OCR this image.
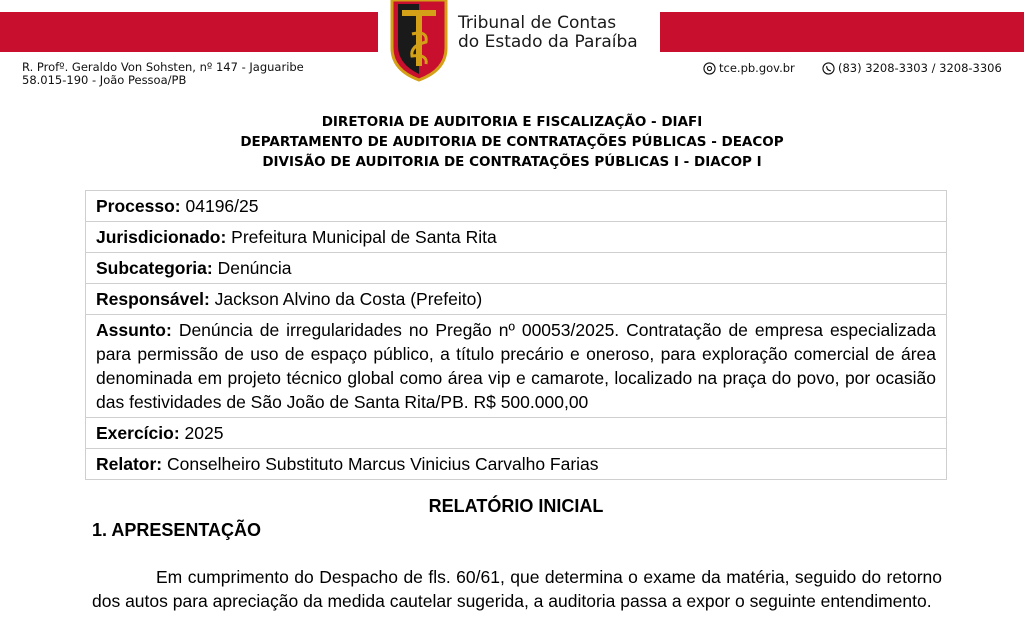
Tribunal de Contas
do Estado da Paraíba
R. Profº. Geraldo Von Sohsten, nº 147 - Jaguaribe
58.015-190 - João Pessoa/PB
tce.pb.gov.br	(83) 3208-3303 / 3208-3306
DIRETORIA DE AUDITORIA E FISCALIZAÇÃO - DIAFI
DEPARTAMENTO DE AUDITORIA DE CONTRATAÇÕES PÚBLICAS - DEACOP
DIVISÃO DE AUDITORIA DE CONTRATAÇÕES PÚBLICAS I - DIACOP I
Processo: 04196/25
Jurisdicionado: Prefeitura Municipal de Santa Rita
Subcategoria: Denúncia
Responsável: Jackson Alvino da Costa (Prefeito)
Assunto: Denúncia de irregularidades no Pregão nº 00053/2025. Contratação de empresa especializada para permissão de uso de espaço público, a título precário e oneroso, para exploração comercial de área denominada em projeto técnico global como área vip e camarote, localizado na praça do povo, por ocasião das festividades de São João de Santa Rita/PB. R$ 500.000,00
Exercício: 2025
Relator: Conselheiro Substituto Marcus Vinicius Carvalho Farias
RELATÓRIO INICIAL
1. APRESENTAÇÃO
Em cumprimento do Despacho de fls. 60/61, que determina o exame da matéria, seguido do retorno dos autos para apreciação da medida cautelar sugerida, a auditoria passa a expor o seguinte entendimento.
